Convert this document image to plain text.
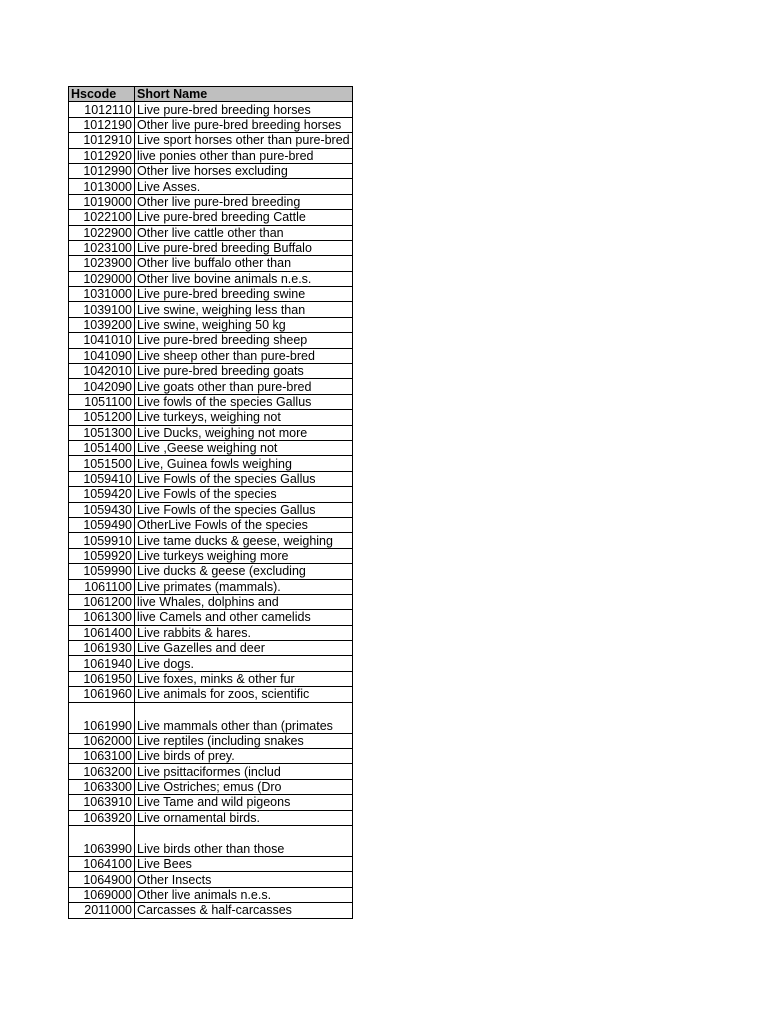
Hscode	Short Name
1012110	Live pure-bred breeding horses
1012190	Other live pure-bred breeding horses
1012910	Live sport horses other than pure-bred
1012920	live ponies other than pure-bred
1012990	Other live horses excluding
1013000	Live Asses.
1019000	Other live pure-bred breeding
1022100	Live pure-bred breeding Cattle
1022900	Other live cattle other than
1023100	Live pure-bred breeding Buffalo
1023900	Other live buffalo other than
1029000	Other live bovine animals n.e.s.
1031000	Live pure-bred breeding swine
1039100	Live swine, weighing less than
1039200	Live swine, weighing 50 kg
1041010	Live pure-bred breeding sheep
1041090	Live sheep other than pure-bred
1042010	Live pure-bred breeding goats
1042090	Live goats other than pure-bred
1051100	Live fowls of the species Gallus
1051200	Live turkeys, weighing not
1051300	Live Ducks, weighing not more
1051400	Live ,Geese weighing not
1051500	Live, Guinea fowls weighing
1059410	Live Fowls of the species Gallus
1059420	Live Fowls of the species
1059430	Live Fowls of the species Gallus
1059490	OtherLive Fowls of the species
1059910	Live tame ducks & geese, weighing
1059920	Live turkeys weighing more
1059990	Live ducks & geese (excluding
1061100	Live primates (mammals).
1061200	live Whales, dolphins and
1061300	live Camels and other camelids
1061400	Live rabbits & hares.
1061930	Live Gazelles and deer
1061940	Live dogs.
1061950	Live foxes, minks & other fur
1061960	Live animals for zoos, scientific
1061990	Live mammals other than (primates
1062000	Live reptiles (including snakes
1063100	Live birds of prey.
1063200	Live psittaciformes (includ
1063300	Live Ostriches; emus (Dro
1063910	Live Tame and wild pigeons
1063920	Live ornamental birds.
1063990	Live birds other than those
1064100	Live Bees
1064900	Other Insects
1069000	Other live animals n.e.s.
2011000	Carcasses & half-carcasses
